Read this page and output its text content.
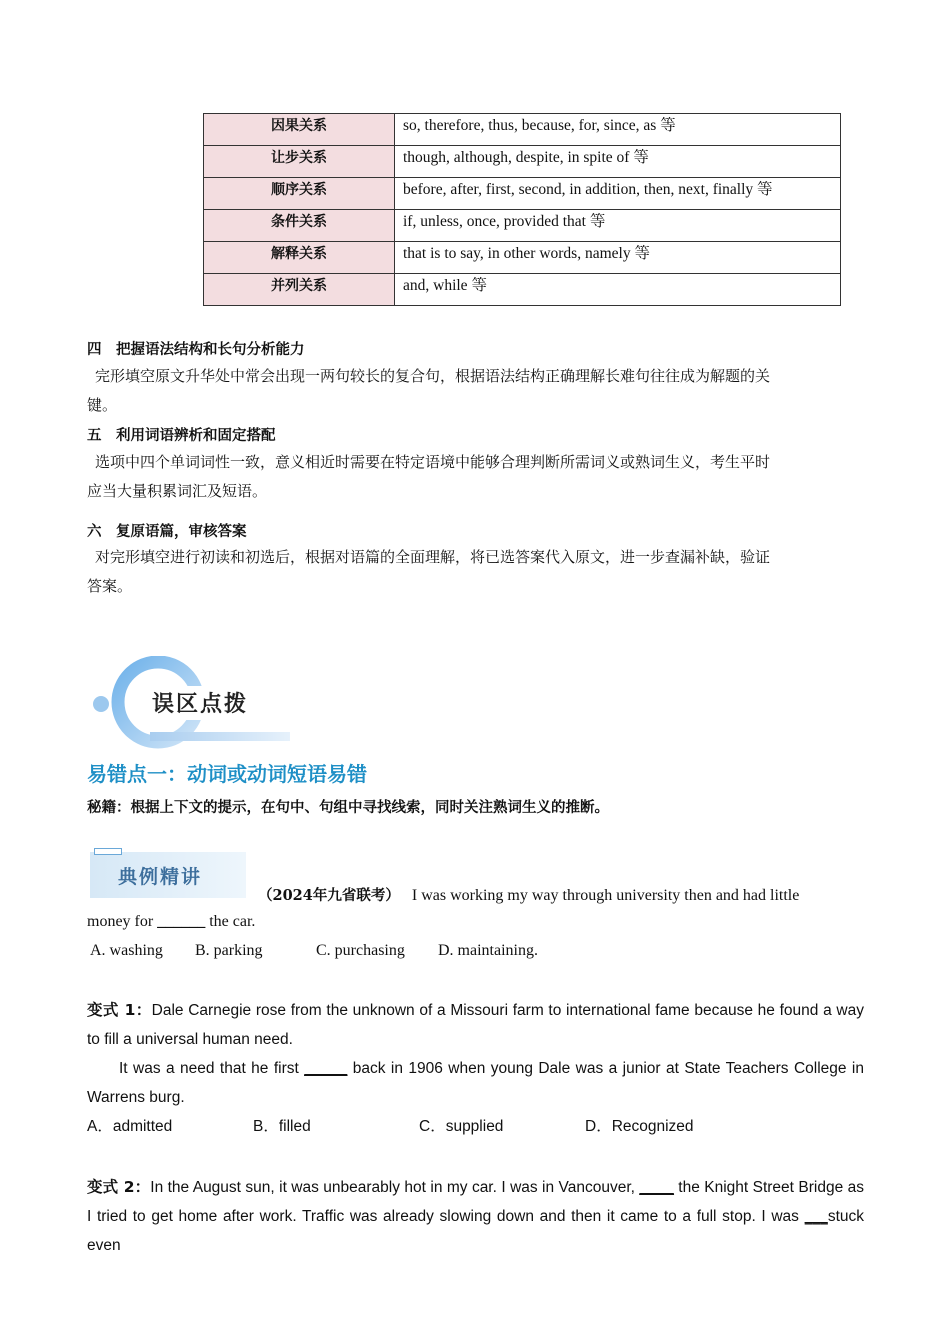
因果关系	so, therefore, thus, because, for, since, as 等
让步关系	though, although, despite, in spite of 等
顺序关系	before, after, first, second, in addition, then, next, finally 等
条件关系	if, unless, once, provided that 等
解释关系	that is to say, in other words, namely 等
并列关系	and, while 等
四　把握语法结构和长句分析能力
完形填空原文升华处中常会出现一两句较长的复合句，根据语法结构正确理解长难句往往成为解题的关
键。
五　利用词语辨析和固定搭配
选项中四个单词词性一致，意义相近时需要在特定语境中能够合理判断所需词义或熟词生义，考生平时
应当大量积累词汇及短语。
六　复原语篇，审核答案
对完形填空进行初读和初选后，根据对语篇的全面理解，将已选答案代入原文，进一步查漏补缺，验证
答案。
误区点拨
易错点一：动词或动词短语易错
秘籍：根据上下文的提示，在句中、句组中寻找线索，同时关注熟词生义的推断。
典例精讲
（2024年九省联考） I was working my way through university then and had little
money for ______ the car.
A. washing B. parking	C. purchasing D. maintaining.
变式 1：Dale Carnegie rose from the unknown of a Missouri farm to international fame because he found a way to fill a universal human need.
It was a need that he first _____ back in 1906 when young Dale was a junior at State Teachers College in Warrens burg.
A．admitted	B．filled	C．supplied	D．Recognized
变式 2：In the August sun, it was unbearably hot in my car. I was in Vancouver, ____ the Knight Street Bridge as I tried to get home after work. Traffic was already slowing down and then it came to a full stop. I was ___stuck even
